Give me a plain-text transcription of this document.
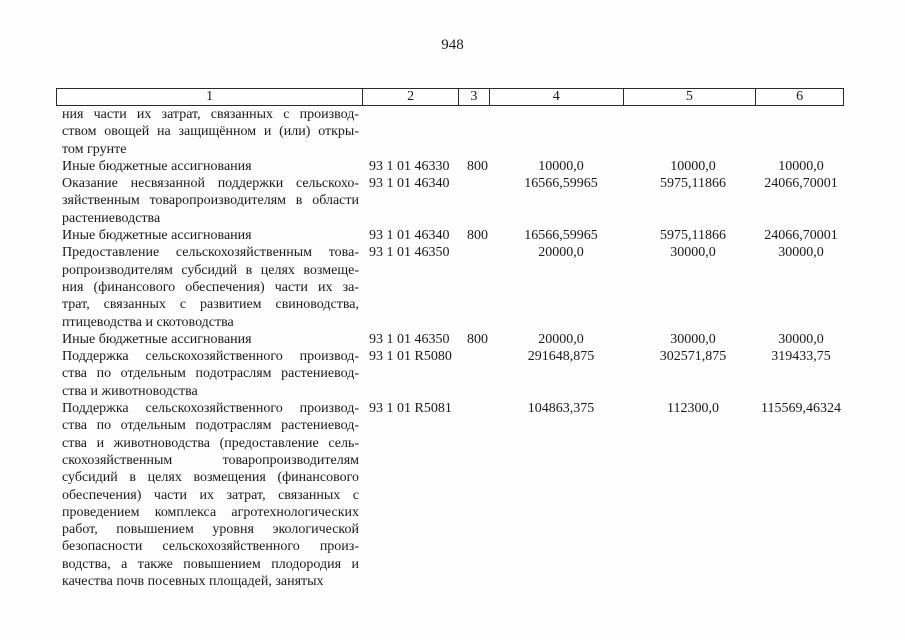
948
1	2	3	4	5	6
ния части их затрат, связанных с производ-
ством овощей на защищённом и (или) откры-
том грунте
Иные бюджетные ассигнования	93 1 01 46330 800	10000,0	10000,0	10000,0
Оказание несвязанной поддержки сельскохо-
зяйственным товаропроизводителям в области
растениеводства
93 1 01 46340	16566,59965	5975,11866	24066,70001
Иные бюджетные ассигнования	93 1 01 46340 800	16566,59965	5975,11866	24066,70001
Предоставление сельскохозяйственным това-
ропроизводителям субсидий в целях возмеще-
ния (финансового обеспечения) части их за-
трат, связанных с развитием свиноводства,
птицеводства и скотоводства
93 1 01 46350	20000,0	30000,0	30000,0
Иные бюджетные ассигнования	93 1 01 46350 800	20000,0	30000,0	30000,0
Поддержка сельскохозяйственного производ-
ства по отдельным подотраслям растениевод-
ства и животноводства
93 1 01 R5080	291648,875	302571,875	319433,75
Поддержка сельскохозяйственного производ-
ства по отдельным подотраслям растениевод-
ства и животноводства (предоставление сель-
скохозяйственным товаропроизводителям
субсидий в целях возмещения (финансового
обеспечения) части их затрат, связанных с
проведением комплекса агротехнологических
работ, повышением уровня экологической
безопасности сельскохозяйственного произ-
водства, а также повышением плодородия и
качества почв посевных площадей, занятых
93 1 01 R5081	104863,375	112300,0	115569,46324
